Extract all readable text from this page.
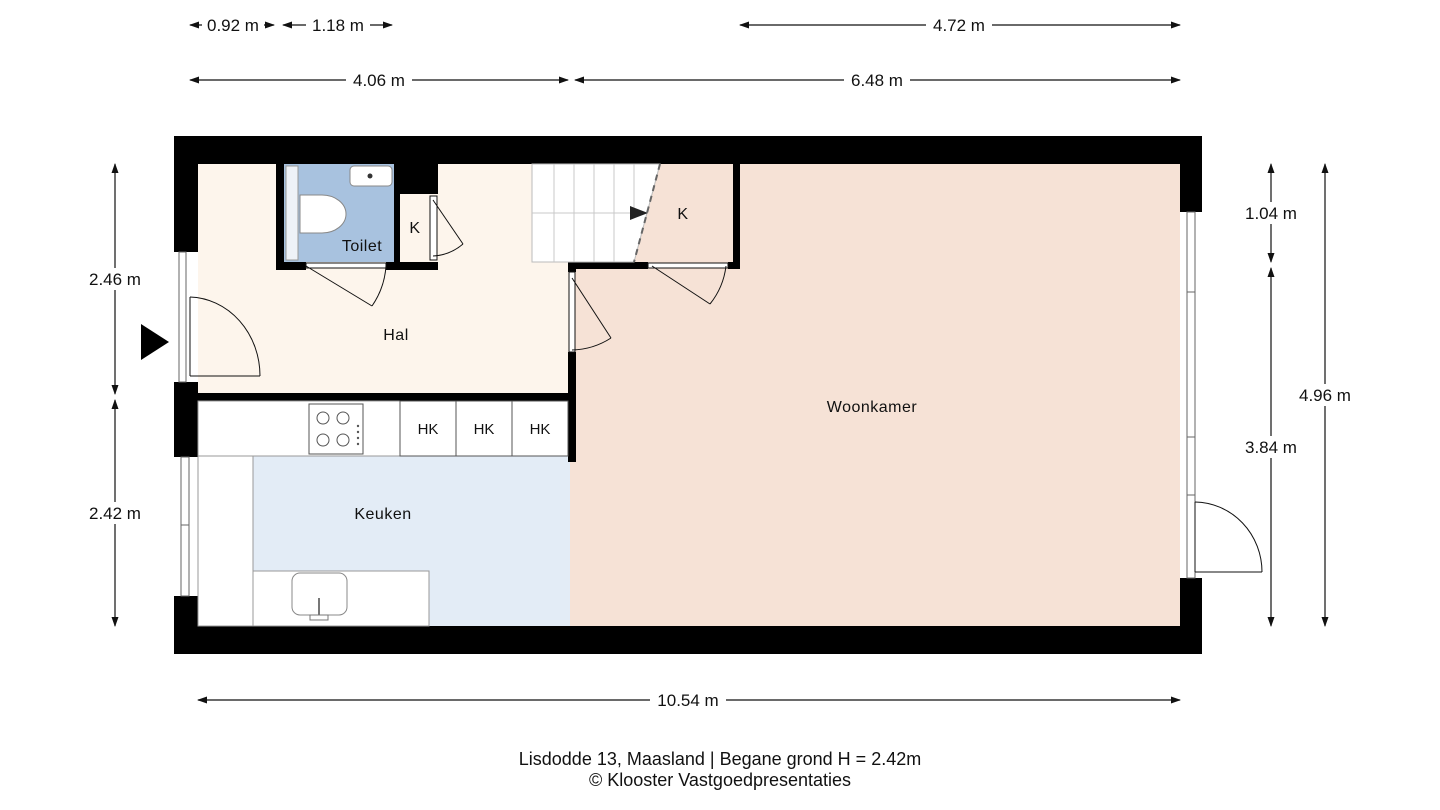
Hal
Toilet
K
K
Keuken
Woonkamer
HK HK HK
0.92 m	1.18 m	4.72 m
4.06 m	6.48 m
2.46 m
2.42 m
1.04 m
3.84 m
4.96 m
10.54 m
Lisdodde 13, Maasland | Begane grond H = 2.42m
© Klooster Vastgoedpresentaties
